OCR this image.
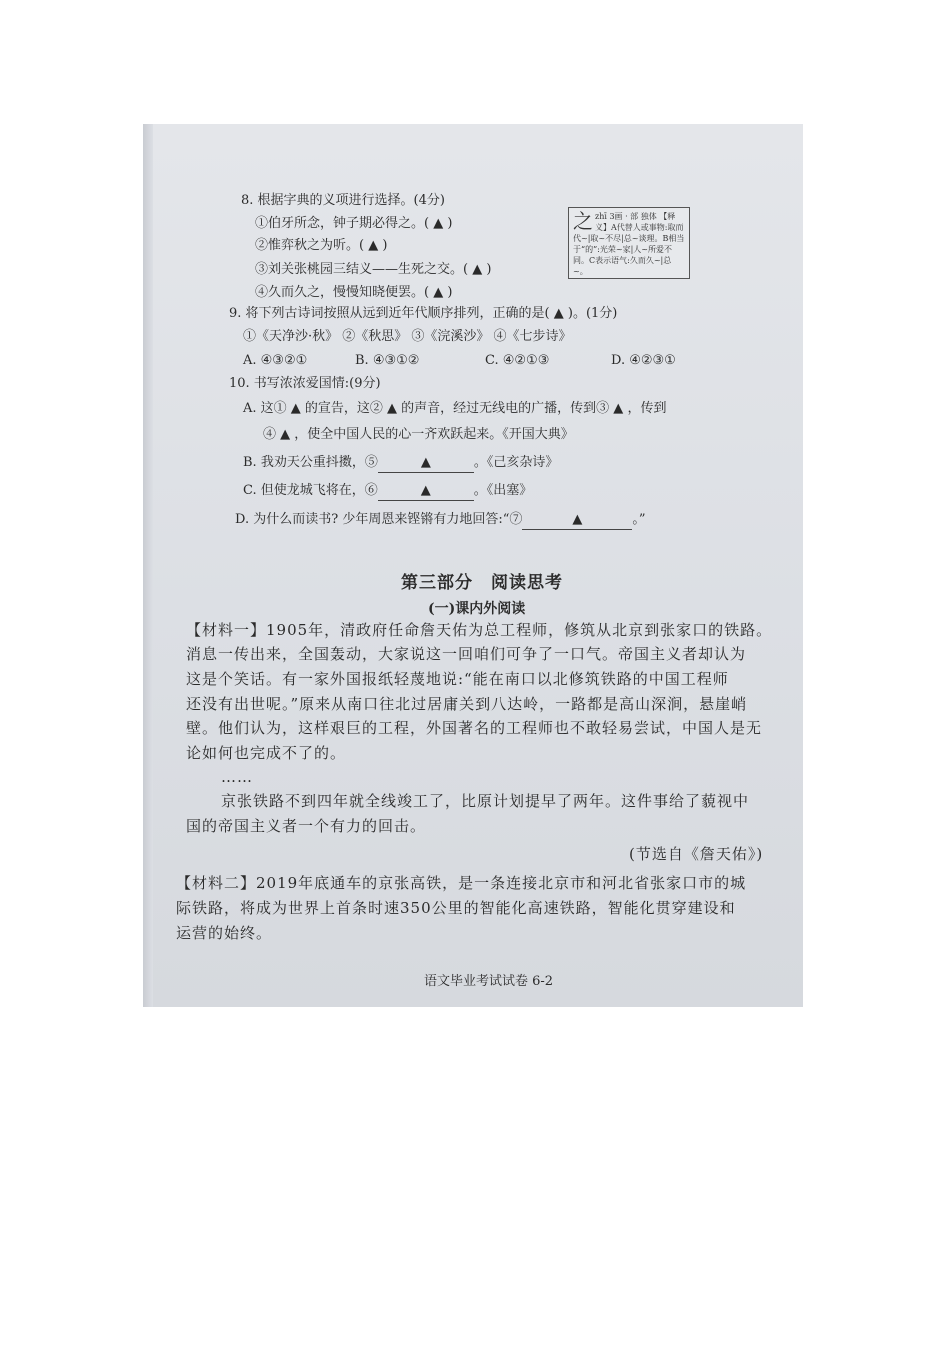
8. 根据字典的义项进行选择。(4分)
①伯牙所念，钟子期必得之。( ▲ )
②惟弈秋之为听。( ▲ )
③刘关张桃园三结义——生死之交。( ▲ )
④久而久之，慢慢知晓便罢。( ▲ )
之 zhī 3画 · 部 独体 【释义】A代替人或事物:取而代~|取~不尽|总~谈理。B相当于“的”:光荣~家|人~所爱不同。C表示语气:久而久~|总~。
9. 将下列古诗词按照从远到近年代顺序排列，正确的是( ▲ )。(1分)
①《天净沙·秋》 ②《秋思》 ③《浣溪沙》 ④《七步诗》
A. ④③②①	B. ④③①②	C. ④②①③	D. ④②③①
10. 书写浓浓爱国情:(9分)
A. 这① ▲ 的宣告，这② ▲ 的声音，经过无线电的广播，传到③ ▲ ，传到
④ ▲ ，使全中国人民的心一齐欢跃起来。《开国大典》
B. 我劝天公重抖擞，⑤	▲	。《己亥杂诗》
C. 但使龙城飞将在，⑥	▲	。《出塞》
D. 为什么而读书? 少年周恩来铿锵有力地回答:“⑦	▲	。”
第三部分　阅读思考
(一)课内外阅读
【材料一】1905年，清政府任命詹天佑为总工程师，修筑从北京到张家口的铁路。
消息一传出来，全国轰动，大家说这一回咱们可争了一口气。帝国主义者却认为
这是个笑话。有一家外国报纸轻蔑地说:“能在南口以北修筑铁路的中国工程师
还没有出世呢。”原来从南口往北过居庸关到八达岭，一路都是高山深涧，悬崖峭
壁。他们认为，这样艰巨的工程，外国著名的工程师也不敢轻易尝试，中国人是无
论如何也完成不了的。
……
京张铁路不到四年就全线竣工了，比原计划提早了两年。这件事给了藐视中
国的帝国主义者一个有力的回击。
(节选自《詹天佑》)
【材料二】2019年底通车的京张高铁，是一条连接北京市和河北省张家口市的城
际铁路，将成为世界上首条时速350公里的智能化高速铁路，智能化贯穿建设和
运营的始终。
语文毕业考试试卷 6-2
